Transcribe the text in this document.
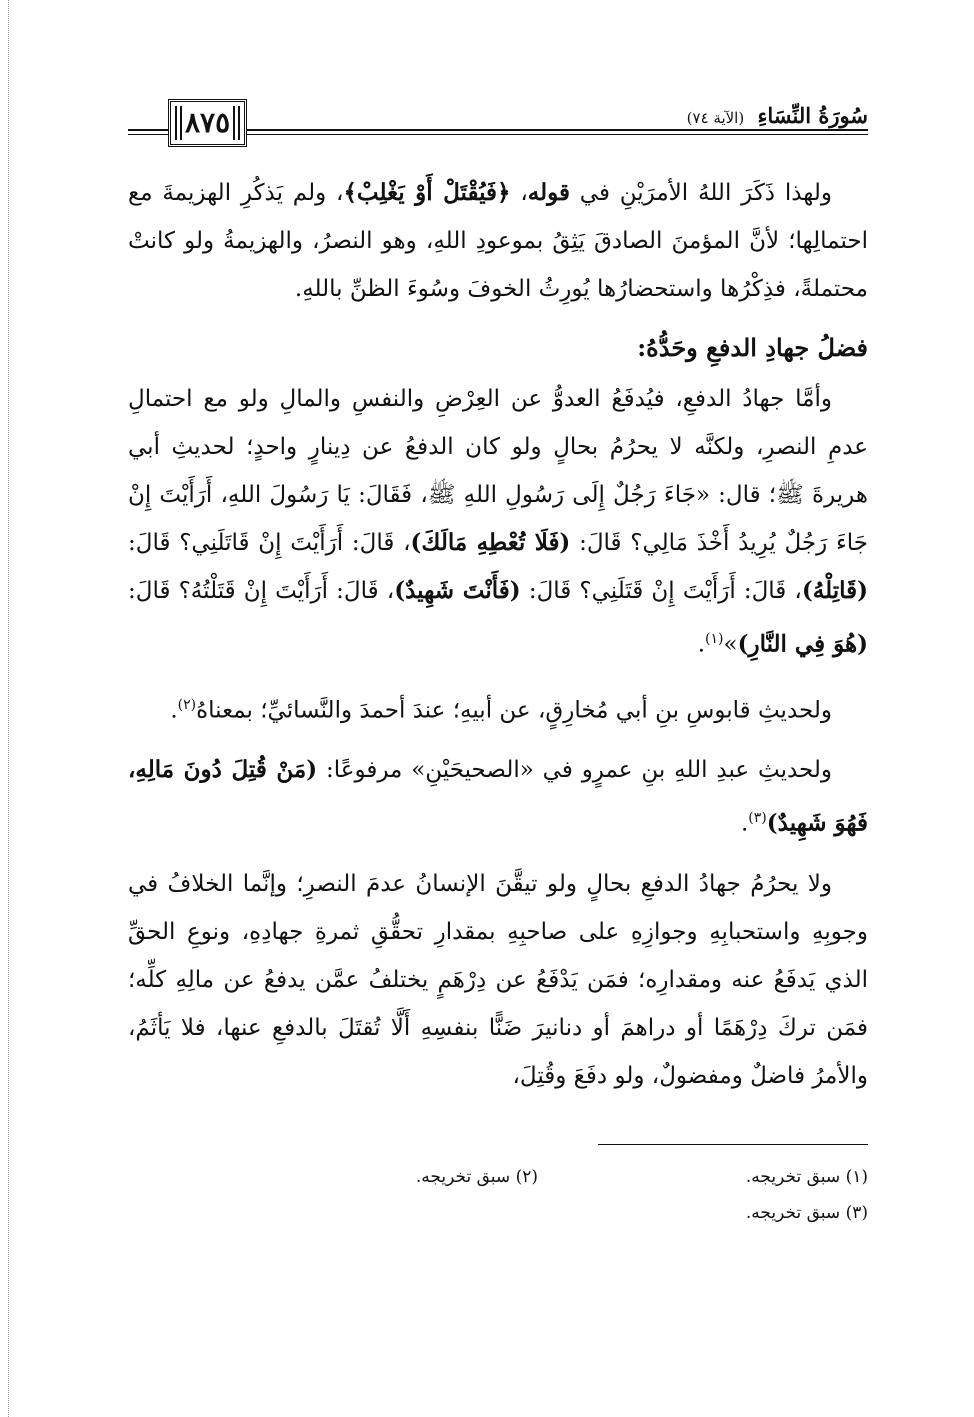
سُورَةُ النِّسَاءِ (الآية ٧٤)
٨٧٥

ولهذا ذَكَرَ اللهُ الأمرَيْنِ في قوله، ﴿فَيُقْتَلْ أَوْ يَغْلِبْ﴾، ولم يَذكُرِ الهزيمةَ مع احتمالِها؛ لأنَّ المؤمنَ الصادقَ يَثِقُ بموعودِ اللهِ، وهو النصرُ، والهزيمةُ ولو كانتْ محتملةً، فذِكْرُها واستحضارُها يُورِثُ الخوفَ وسُوءَ الظنِّ باللهِ.

فضلُ جهادِ الدفعِ وحَدُّهُ:

وأمَّا جهادُ الدفعِ، فيُدفَعُ العدوُّ عن العِرْضِ والنفسِ والمالِ ولو مع احتمالِ عدمِ النصرِ، ولكنَّه لا يحرُمُ بحالٍ ولو كان الدفعُ عن دِينارٍ واحدٍ؛ لحديثِ أبي هريرةَ ﷺ؛ قال: «جَاءَ رَجُلٌ إِلَى رَسُولِ اللهِ ﷺ، فَقَالَ: يَا رَسُولَ اللهِ، أَرَأَيْتَ إِنْ جَاءَ رَجُلٌ يُرِيدُ أَخْذَ مَالِي؟ قَالَ: (فَلَا تُعْطِهِ مَالَكَ)، قَالَ: أَرَأَيْتَ إِنْ قَاتَلَنِي؟ قَالَ: (قَاتِلْهُ)، قَالَ: أَرَأَيْتَ إِنْ قَتَلَنِي؟ قَالَ: (فَأَنْتَ شَهِيدٌ)، قَالَ: أَرَأَيْتَ إِنْ قَتَلْتُهُ؟ قَالَ: (هُوَ فِي النَّارِ)»$^{(١)}$.

ولحديثِ قابوسِ بنِ أبي مُخارِقٍ، عن أبيهِ؛ عندَ أحمدَ والنَّسائيِّ؛ بمعناهُ$^{(٢)}$.

ولحديثِ عبدِ اللهِ بنِ عمرٍو في «الصحيحَيْنِ» مرفوعًا: (مَنْ قُتِلَ دُونَ مَالِهِ، فَهُوَ شَهِيدٌ)$^{(٣)}$.

ولا يحرُمُ جهادُ الدفعِ بحالٍ ولو تيقَّنَ الإنسانُ عدمَ النصرِ؛ وإنَّما الخلافُ في وجوبِهِ واستحبابِهِ وجوازِهِ على صاحبِهِ بمقدارِ تحقُّقِ ثمرةِ جهادِهِ، ونوعِ الحقِّ الذي يَدفَعُ عنه ومقدارِه؛ فمَن يَدْفَعُ عن دِرْهَمٍ يختلفُ عمَّن يدفعُ عن مالِهِ كلِّه؛ فمَن تركَ دِرْهَمًا أو دراهمَ أو دنانيرَ ضَنًّا بنفسِهِ أَلَّا تُقتَلَ بالدفعِ عنها، فلا يَأثَمُ، والأمرُ فاضلٌ ومفضولٌ، ولو دفَعَ وقُتِلَ،

(١) سبق تخريجه.
(٢) سبق تخريجه.
(٣) سبق تخريجه.
